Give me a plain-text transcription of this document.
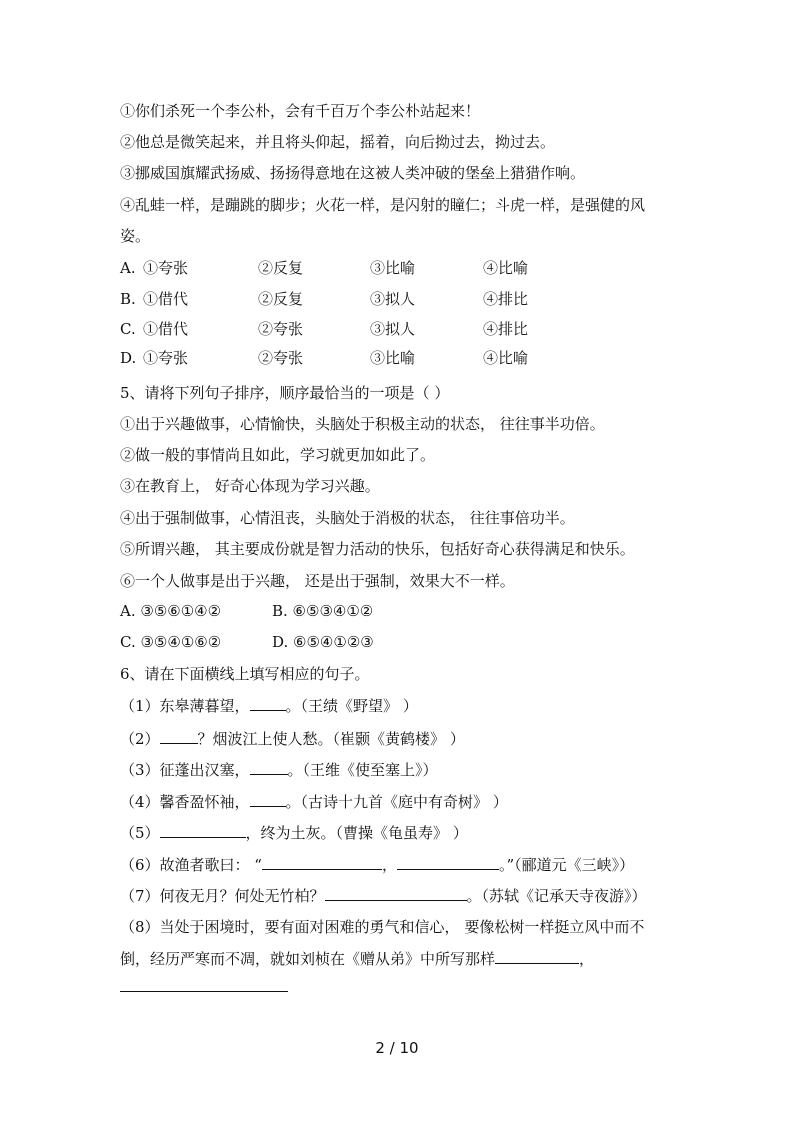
①你们杀死一个李公朴，会有千百万个李公朴站起来！
②他总是微笑起来，并且将头仰起，摇着，向后拗过去，拗过去。
③挪威国旗耀武扬威、扬扬得意地在这被人类冲破的堡垒上猎猎作响。
④乱蛙一样，是蹦跳的脚步；火花一样，是闪射的瞳仁；斗虎一样，是强健的风
姿。
A. ①夸张	②反复	③比喻	④比喻
B. ①借代	②反复	③拟人	④排比
C. ①借代	②夸张	③拟人	④排比
D. ①夸张	②夸张	③比喻	④比喻
5、请将下列句子排序，顺序最恰当的一项是（ ）
①出于兴趣做事，心情愉快，头脑处于积极主动的状态， 往往事半功倍。
②做一般的事情尚且如此，学习就更加如此了。
③在教育上， 好奇心体现为学习兴趣。
④出于强制做事，心情沮丧，头脑处于消极的状态， 往往事倍功半。
⑤所谓兴趣， 其主要成份就是智力活动的快乐，包括好奇心获得满足和快乐。
⑥一个人做事是出于兴趣， 还是出于强制，效果大不一样。
A. ③⑤⑥①④②	B. ⑥⑤③④①②
C. ③⑤④①⑥②	D. ⑥⑤④①②③
6、请在下面横线上填写相应的句子。
（1）东皋薄暮望， 。（王绩《野望》 ）
（2）	？烟波江上使人愁。（崔颢《黄鹤楼》 ）
（3）征蓬出汉塞，	。（王维《使至塞上》）
（4）馨香盈怀袖， 。（古诗十九首《庭中有奇树》 ）
（5）	，终为土灰。（曹操《龟虽寿》 ）
（6）故渔者歌曰： “	，	。”（郦道元《三峡》）
（7）何夜无月？何处无竹柏？	。（苏轼《记承天寺夜游》）
（8）当处于困境时，要有面对困难的勇气和信心， 要像松树一样挺立风中而不
倒，经历严寒而不凋，就如刘桢在《赠从弟》中所写那样	，
2 / 10
